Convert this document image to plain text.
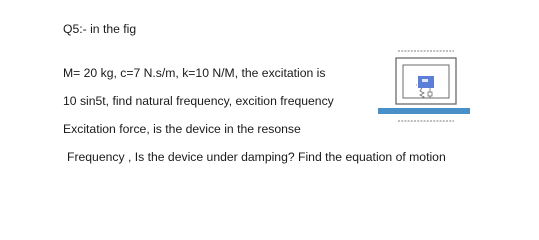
Q5:- in the fig
M= 20 kg, c=7 N.s/m, k=10 N/M, the excitation is
10 sin5t, find natural frequency, excition frequency
Excitation force, is the device in the resonse
Frequency , Is the device under damping? Find the equation of motion
